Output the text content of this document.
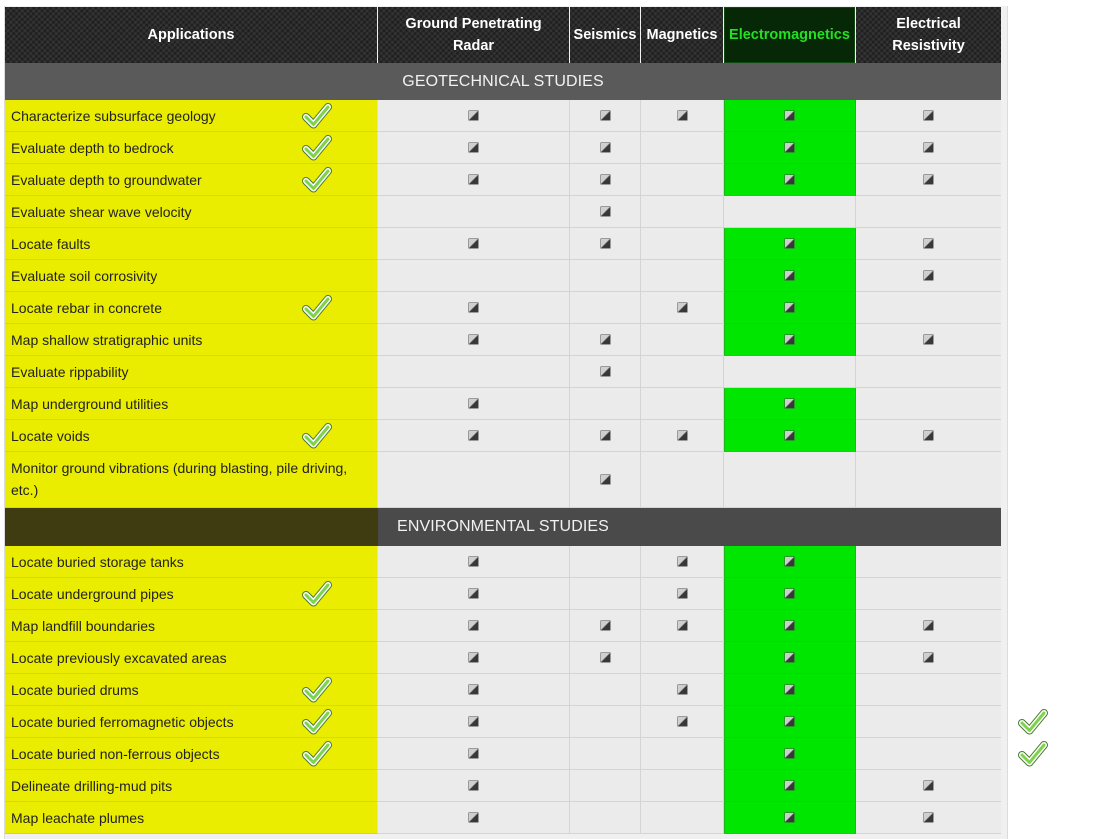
Applications
Ground Penetrating Radar
Seismics Magnetics Electromagnetics
Electrical Resistivity
GEOTECHNICAL STUDIES
Characterize subsurface geology
Evaluate depth to bedrock
Evaluate depth to groundwater
Evaluate shear wave velocity
Locate faults
Evaluate soil corrosivity
Locate rebar in concrete
Map shallow stratigraphic units
Evaluate rippability
Map underground utilities
Locate voids
Monitor ground vibrations (during blasting, pile driving, etc.)
ENVIRONMENTAL STUDIES
Locate buried storage tanks
Locate underground pipes
Map landfill boundaries
Locate previously excavated areas
Locate buried drums
Locate buried ferromagnetic objects
Locate buried non-ferrous objects
Delineate drilling-mud pits
Map leachate plumes
